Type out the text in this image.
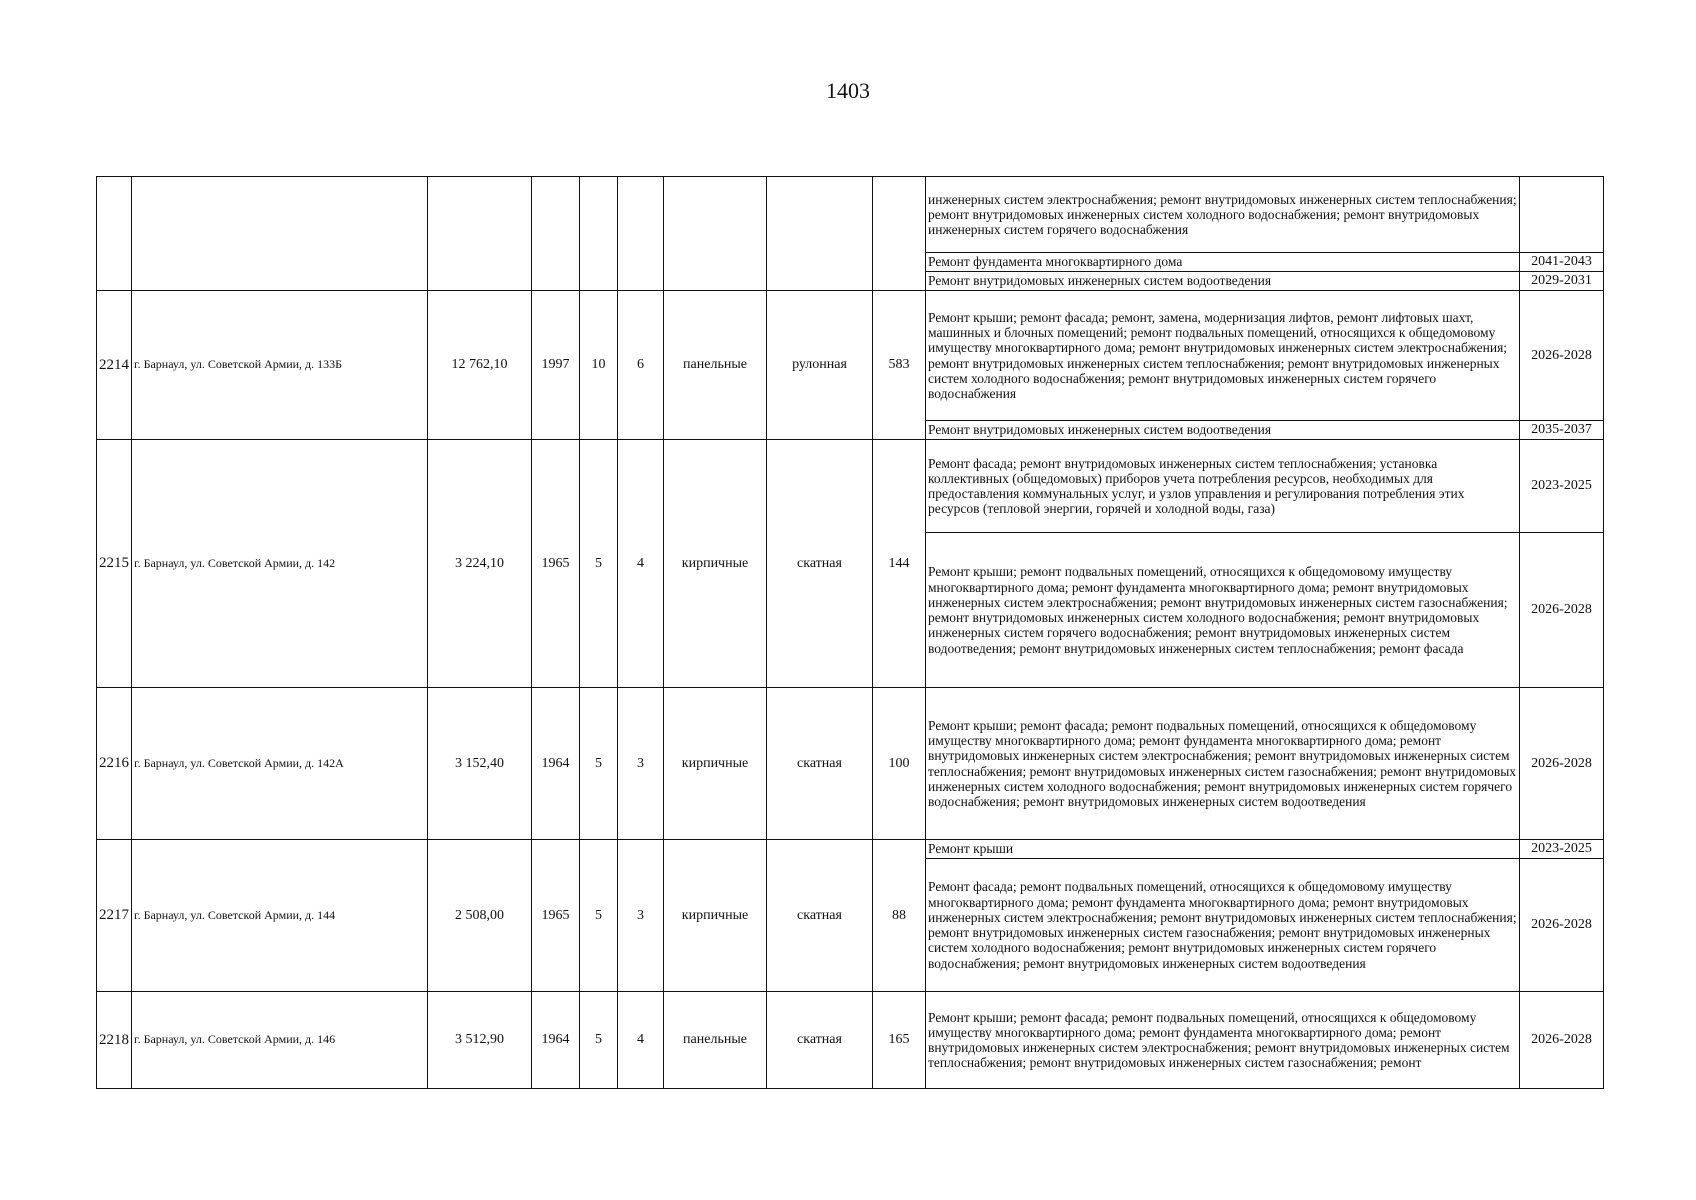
1403
									инженерных систем электроснабжения; ремонт внутридомовых инженерных систем теплоснабжения; ремонт внутридомовых инженерных систем холодного водоснабжения; ремонт внутридомовых инженерных систем горячего водоснабжения	
									Ремонт фундамента многоквартирного дома	2041-2043
									Ремонт внутридомовых инженерных систем водоотведения	2029-2031
2214	г. Барнаул, ул. Советской Армии, д. 133Б	12 762,10	1997	10	6	панельные	рулонная	583	Ремонт крыши; ремонт фасада; ремонт, замена, модернизация лифтов, ремонт лифтовых шахт, машинных и блочных помещений; ремонт подвальных помещений, относящихся к общедомовому имуществу многоквартирного дома; ремонт внутридомовых инженерных систем электроснабжения; ремонт внутридомовых инженерных систем теплоснабжения; ремонт внутридомовых инженерных систем холодного водоснабжения; ремонт внутридомовых инженерных систем горячего водоснабжения	2026-2028
									Ремонт внутридомовых инженерных систем водоотведения	2035-2037
2215	г. Барнаул, ул. Советской Армии, д. 142	3 224,10	1965	5	4	кирпичные	скатная	144	Ремонт фасада; ремонт внутридомовых инженерных систем теплоснабжения; установка коллективных (общедомовых) приборов учета потребления ресурсов, необходимых для предоставления коммунальных услуг, и узлов управления и регулирования потребления этих ресурсов (тепловой энергии, горячей и холодной воды, газа)	2023-2025
									Ремонт крыши; ремонт подвальных помещений, относящихся к общедомовому имуществу многоквартирного дома; ремонт фундамента многоквартирного дома; ремонт внутридомовых инженерных систем электроснабжения; ремонт внутридомовых инженерных систем газоснабжения; ремонт внутридомовых инженерных систем холодного водоснабжения; ремонт внутридомовых инженерных систем горячего водоснабжения; ремонт внутридомовых инженерных систем водоотведения; ремонт внутридомовых инженерных систем теплоснабжения; ремонт фасада	2026-2028
2216	г. Барнаул, ул. Советской Армии, д. 142А	3 152,40	1964	5	3	кирпичные	скатная	100	Ремонт крыши; ремонт фасада; ремонт подвальных помещений, относящихся к общедомовому имуществу многоквартирного дома; ремонт фундамента многоквартирного дома; ремонт внутридомовых инженерных систем электроснабжения; ремонт внутридомовых инженерных систем теплоснабжения; ремонт внутридомовых инженерных систем газоснабжения; ремонт внутридомовых инженерных систем холодного водоснабжения; ремонт внутридомовых инженерных систем горячего водоснабжения; ремонт внутридомовых инженерных систем водоотведения	2026-2028
2217	г. Барнаул, ул. Советской Армии, д. 144	2 508,00	1965	5	3	кирпичные	скатная	88	Ремонт крыши	2023-2025
									Ремонт фасада; ремонт подвальных помещений, относящихся к общедомовому имуществу многоквартирного дома; ремонт фундамента многоквартирного дома; ремонт внутридомовых инженерных систем электроснабжения; ремонт внутридомовых инженерных систем теплоснабжения; ремонт внутридомовых инженерных систем газоснабжения; ремонт внутридомовых инженерных систем холодного водоснабжения; ремонт внутридомовых инженерных систем горячего водоснабжения; ремонт внутридомовых инженерных систем водоотведения	2026-2028
2218	г. Барнаул, ул. Советской Армии, д. 146	3 512,90	1964	5	4	панельные	скатная	165	Ремонт крыши; ремонт фасада; ремонт подвальных помещений, относящихся к общедомовому имуществу многоквартирного дома; ремонт фундамента многоквартирного дома; ремонт внутридомовых инженерных систем электроснабжения; ремонт внутридомовых инженерных систем теплоснабжения; ремонт внутридомовых инженерных систем газоснабжения; ремонт	2026-2028
